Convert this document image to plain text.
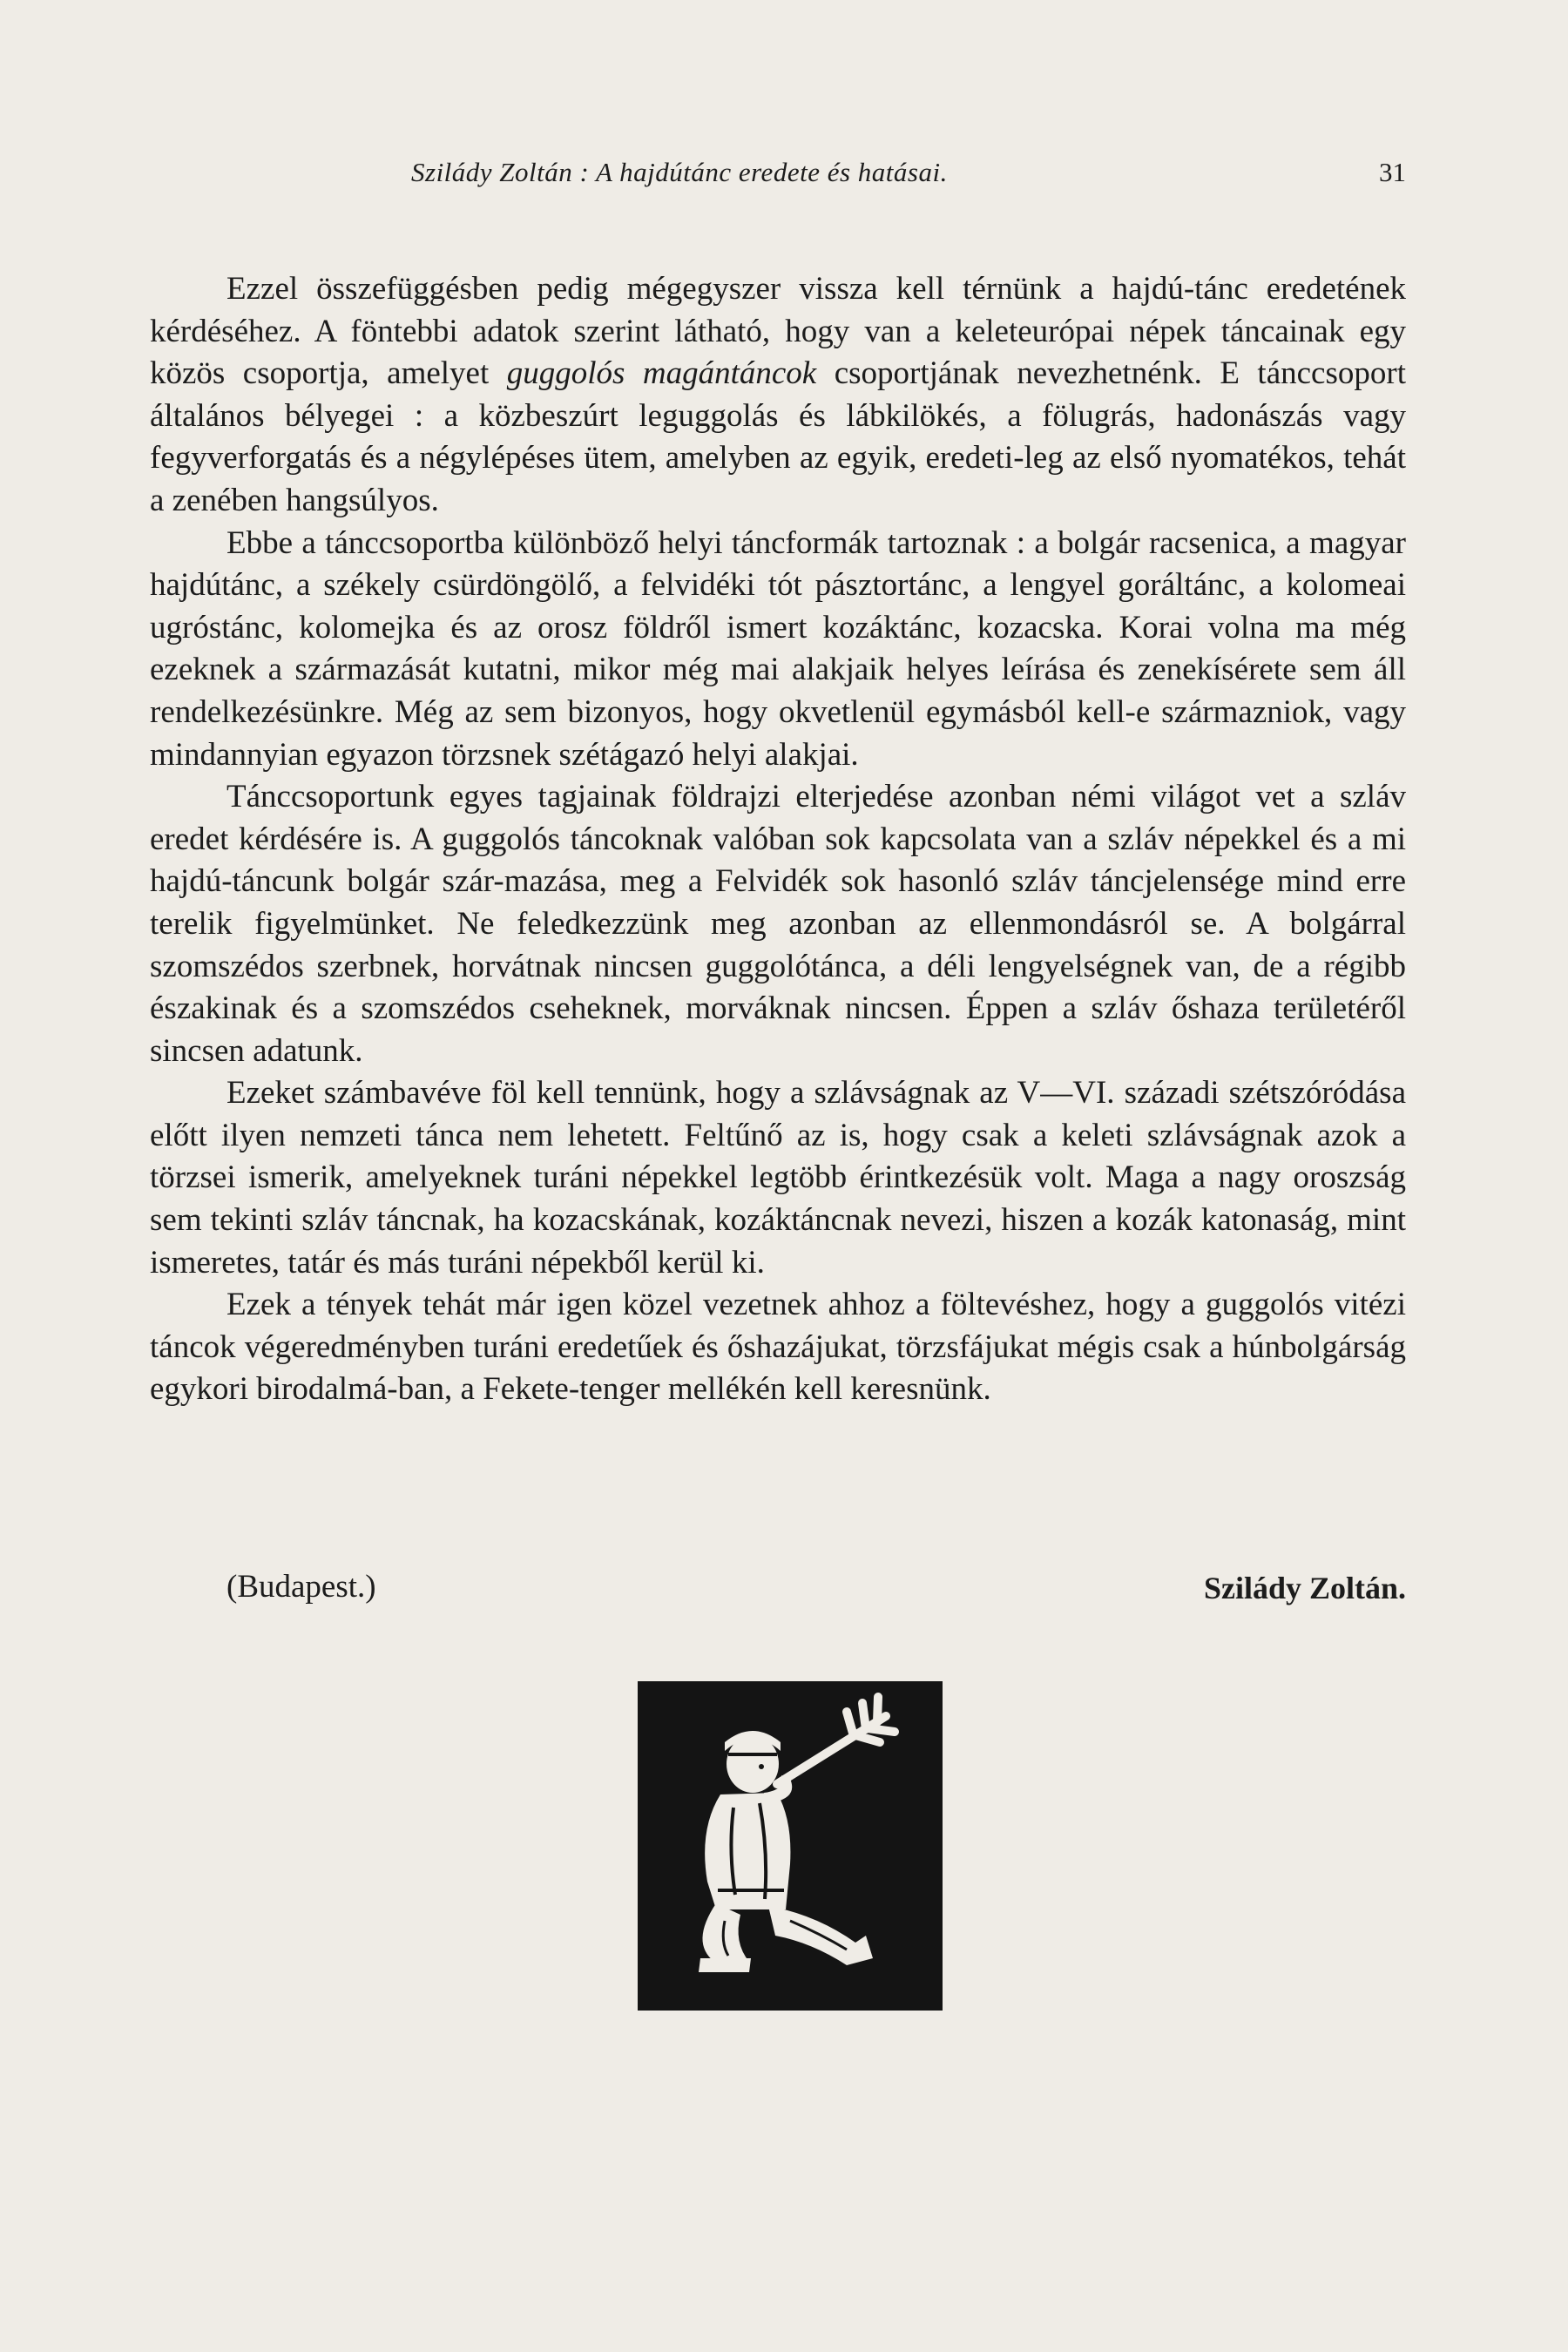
Szilády Zoltán : A hajdútánc eredete és hatásai.	31

Ezzel összefüggésben pedig mégegyszer vissza kell térnünk a hajdú-tánc eredetének kérdéséhez. A föntebbi adatok szerint látható, hogy van a keleteurópai népek táncainak egy közös csoportja, amelyet guggolós magántáncok csoportjának nevezhetnénk. E tánccsoport általános bélyegei : a közbeszúrt leguggolás és lábkilökés, a fölugrás, hadonászás vagy fegyverforgatás és a négylépéses ütem, amelyben az egyik, eredeti-leg az első nyomatékos, tehát a zenében hangsúlyos.

Ebbe a tánccsoportba különböző helyi táncformák tartoznak : a bolgár racsenica, a magyar hajdútánc, a székely csürdöngölő, a felvidéki tót pásztortánc, a lengyel goráltánc, a kolomeai ugróstánc, kolomejka és az orosz földről ismert kozáktánc, kozacska. Korai volna ma még ezeknek a származását kutatni, mikor még mai alakjaik helyes leírása és zenekísérete sem áll rendelkezésünkre. Még az sem bizonyos, hogy okvetlenül egymásból kell-e származniok, vagy mindannyian egyazon törzsnek szétágazó helyi alakjai.

Tánccsoportunk egyes tagjainak földrajzi elterjedése azonban némi világot vet a szláv eredet kérdésére is. A guggolós táncoknak valóban sok kapcsolata van a szláv népekkel és a mi hajdú-táncunk bolgár szár-mazása, meg a Felvidék sok hasonló szláv táncjelensége mind erre terelik figyelmünket. Ne feledkezzünk meg azonban az ellenmondásról se. A bolgárral szomszédos szerbnek, horvátnak nincsen guggolótánca, a déli lengyelségnek van, de a régibb északinak és a szomszédos cseheknek, morváknak nincsen. Éppen a szláv őshaza területéről sincsen adatunk.

Ezeket számbavéve föl kell tennünk, hogy a szlávságnak az V—VI. századi szétszóródása előtt ilyen nemzeti tánca nem lehetett. Feltűnő az is, hogy csak a keleti szlávságnak azok a törzsei ismerik, amelyeknek turáni népekkel legtöbb érintkezésük volt. Maga a nagy oroszság sem tekinti szláv táncnak, ha kozacskának, kozáktáncnak nevezi, hiszen a kozák katonaság, mint ismeretes, tatár és más turáni népekből kerül ki.

Ezek a tények tehát már igen közel vezetnek ahhoz a föltevéshez, hogy a guggolós vitézi táncok végeredményben turáni eredetűek és őshazájukat, törzsfájukat mégis csak a húnbolgárság egykori birodalmá-ban, a Fekete-tenger mellékén kell keresnünk.

(Budapest.)	Szilády Zoltán.
